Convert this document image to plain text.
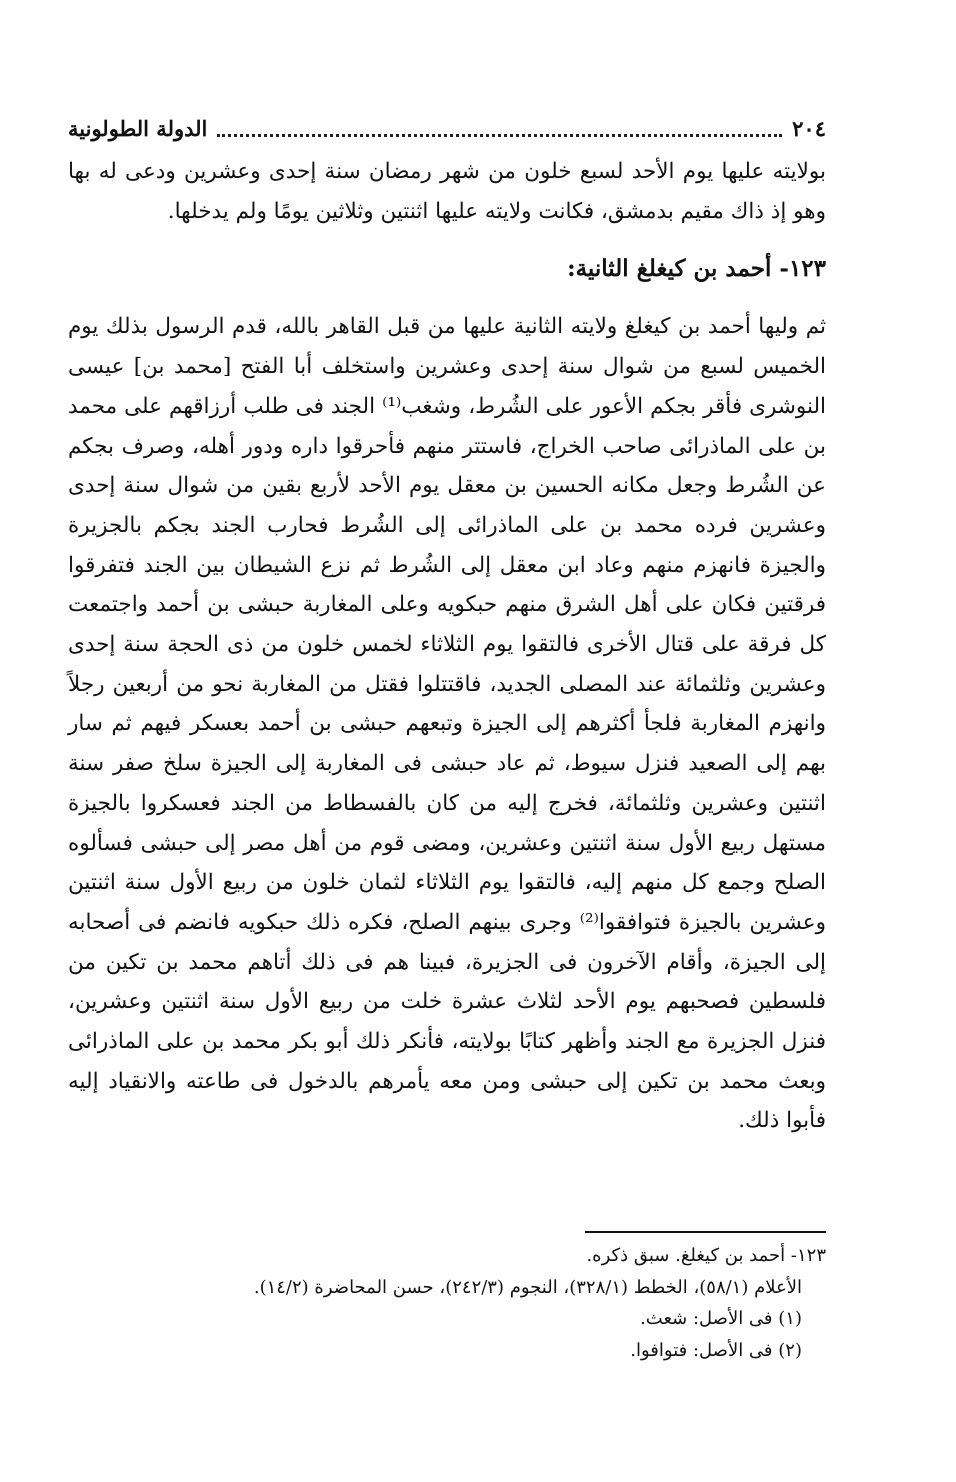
٢٠٤
الدولة الطولونية

بولايته عليها يوم الأحد لسبع خلون من شهر رمضان سنة إحدى وعشرين ودعى له بها وهو إذ ذاك مقيم بدمشق، فكانت ولايته عليها اثنتين وثلاثين يومًا ولم يدخلها.

١٢٣- أحمد بن كيغلغ الثانية:

ثم وليها أحمد بن كيغلغ ولايته الثانية عليها من قبل القاهر بالله، قدم الرسول بذلك يوم الخميس لسبع من شوال سنة إحدى وعشرين واستخلف أبا الفتح [محمد بن] عيسى النوشرى فأقر بجكم الأعور على الشُرط، وشغب⁽¹⁾ الجند فى طلب أرزاقهم على محمد بن على الماذرائى صاحب الخراج، فاستتر منهم فأحرقوا داره ودور أهله، وصرف بجكم عن الشُرط وجعل مكانه الحسين بن معقل يوم الأحد لأربع بقين من شوال سنة إحدى وعشرين فرده محمد بن على الماذرائى إلى الشُرط فحارب الجند بجكم بالجزيرة والجيزة فانهزم منهم وعاد ابن معقل إلى الشُرط ثم نزع الشيطان بين الجند فتفرقوا فرقتين فكان على أهل الشرق منهم حبكويه وعلى المغاربة حبشى بن أحمد واجتمعت كل فرقة على قتال الأخرى فالتقوا يوم الثلاثاء لخمس خلون من ذى الحجة سنة إحدى وعشرين وثلثمائة عند المصلى الجديد، فاقتتلوا فقتل من المغاربة نحو من أربعين رجلاً وانهزم المغاربة فلجأ أكثرهم إلى الجيزة وتبعهم حبشى بن أحمد بعسكر فيهم ثم سار بهم إلى الصعيد فنزل سيوط، ثم عاد حبشى فى المغاربة إلى الجيزة سلخ صفر سنة اثنتين وعشرين وثلثمائة، فخرج إليه من كان بالفسطاط من الجند فعسكروا بالجيزة مستهل ربيع الأول سنة اثنتين وعشرين، ومضى قوم من أهل مصر إلى حبشى فسألوه الصلح وجمع كل منهم إليه، فالتقوا يوم الثلاثاء لثمان خلون من ربيع الأول سنة اثنتين وعشرين بالجيزة فتوافقوا⁽²⁾ وجرى بينهم الصلح، فكره ذلك حبكويه فانضم فى أصحابه إلى الجيزة، وأقام الآخرون فى الجزيرة، فبينا هم فى ذلك أتاهم محمد بن تكين من فلسطين فصحبهم يوم الأحد لثلاث عشرة خلت من ربيع الأول سنة اثنتين وعشرين، فنزل الجزيرة مع الجند وأظهر كتابًا بولايته، فأنكر ذلك أبو بكر محمد بن على الماذرائى وبعث محمد بن تكين إلى حبشى ومن معه يأمرهم بالدخول فى طاعته والانقياد إليه فأبوا ذلك.

١٢٣- أحمد بن كيغلغ. سبق ذكره.

الأعلام (٥٨/١)، الخطط (٣٢٨/١)، النجوم (٢٤٢/٣)، حسن المحاضرة (١٤/٢).

(١) فى الأصل: شعث.

(٢) فى الأصل: فتوافوا.
